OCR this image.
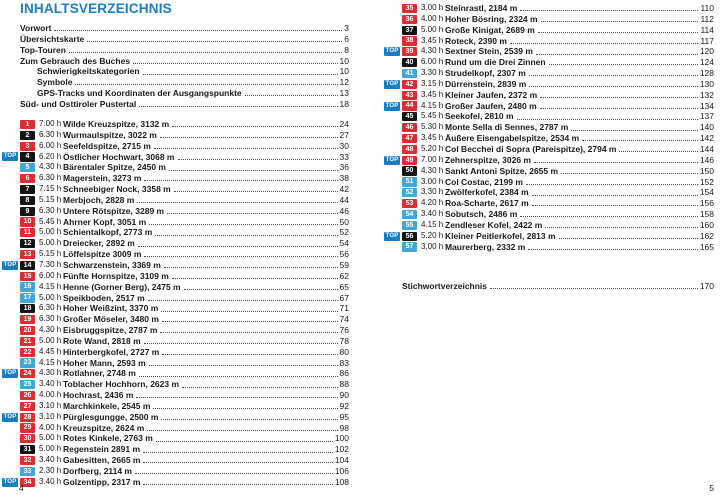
INHALTSVERZEICHNIS
Vorwort	3
Übersichtskarte	6
Top-Touren	8
Zum Gebrauch des Buches	10
Schwierigkeitskategorien	10
Symbole	12
GPS-Tracks und Koordinaten der Ausgangspunkte	13
Süd- und Osttiroler Pustertal	18
1	7.00 h Wilde Kreuzspitze, 3132 m	24
2	6.30 h Wurmaulspitze, 3022 m	27
3	6.00 h Seefeldspitze, 2715 m	30
TOP	4	6.20 h Östlicher Hochwart, 3068 m	33
5	4.30 h Bärentaler Spitze, 2450 m	36
6	6.30 h Magerstein, 3273 m	38
7	7.15 h Schneebiger Nock, 3358 m	42
8	5.15 h Merbjoch, 2828 m	44
9	6.30 h Untere Rötspitze, 3289 m	46
10 5.45 h Ahrner Kopf, 3051 m	50
11 5.00 h Schientalkopf, 2773 m	52
12 5.00 h Dreiecker, 2892 m	54
13 5.15 h Löffelspitze 3009 m	56
TOP	14 7.30 h Schwarzenstein, 3369 m	59
15 6.00 h Fünfte Hornspitze, 3109 m	62
16 4.15 h Henne (Gorner Berg), 2475 m	65
17 5.00 h Speikboden, 2517 m	67
18 6.30 h Hoher Weißzint, 3370 m	71
19 6.30 h Großer Möseler, 3480 m	74
20 4.30 h Eisbruggspitze, 2787 m	76
21 5.00 h Rote Wand, 2818 m	78
22 4.45 h Hinterbergkofel, 2727 m	80
23 4.15 h Hoher Mann, 2593 m	83
TOP	24 4.30 h Rotlahner, 2748 m	86
25 3.40 h Toblacher Hochhorn, 2623 m	88
26 4.00 h Hochrast, 2436 m	90
27 3.10 h Marchkinkele, 2545 m	92
TOP	28 3.10 h Pürglesgungge, 2500 m	95
29 4.00 h Kreuzspitze, 2624 m	98
30 5.00 h Rotes Kinkele, 2763 m	100
31 5.00 h Regenstein 2891 m	102
32 3.40 h Gabesitten, 2665 m	104
33 2.30 h Dorfberg, 2114 m	106
TOP	34 3.40 h Golzentipp, 2317 m	108
35 3.00 h Steinrastl, 2184 m	110
36 4.00 h Hoher Bösring, 2324 m	112
37 5.00 h Große Kinigat, 2689 m	114
38 3.45 h Roteck, 2390 m	117
TOP	39 4.30 h Sextner Stein, 2539 m	120
40 6.00 h Rund um die Drei Zinnen	124
41 3.30 h Strudelkopf, 2307 m	128
TOP	42 3.15 h Dürrenstein, 2839 m	130
43 3.45 h Kleiner Jaufen, 2372 m	132
TOP	44 4.15 h Großer Jaufen, 2480 m	134
45 5.45 h Seekofel, 2810 m	137
46 5.30 h Monte Sella di Sennes, 2787 m	140
47 3.45 h Äußere Eisengabelspitze, 2534 m	142
48 5.20 h Col Becchei di Sopra (Pareispitze), 2794 m	144
TOP	49 7.00 h Zehnerspitze, 3026 m	146
50 4.30 h Sankt Antoni Spitze, 2655 m	150
51 3.00 h Col Costac, 2199 m	152
52 3.30 h Zwölferkofel, 2384 m	154
53 4.20 h Roa-Scharte, 2617 m	156
54 3.40 h Sobutsch, 2486 m	158
55 4.15 h Zendleser Kofel, 2422 m	160
TOP	56 5.20 h Kleiner Peitlerkofel, 2813 m	162
57 3.00 h Maurerberg, 2332 m	165
Stichwortverzeichnis	170
4	5
